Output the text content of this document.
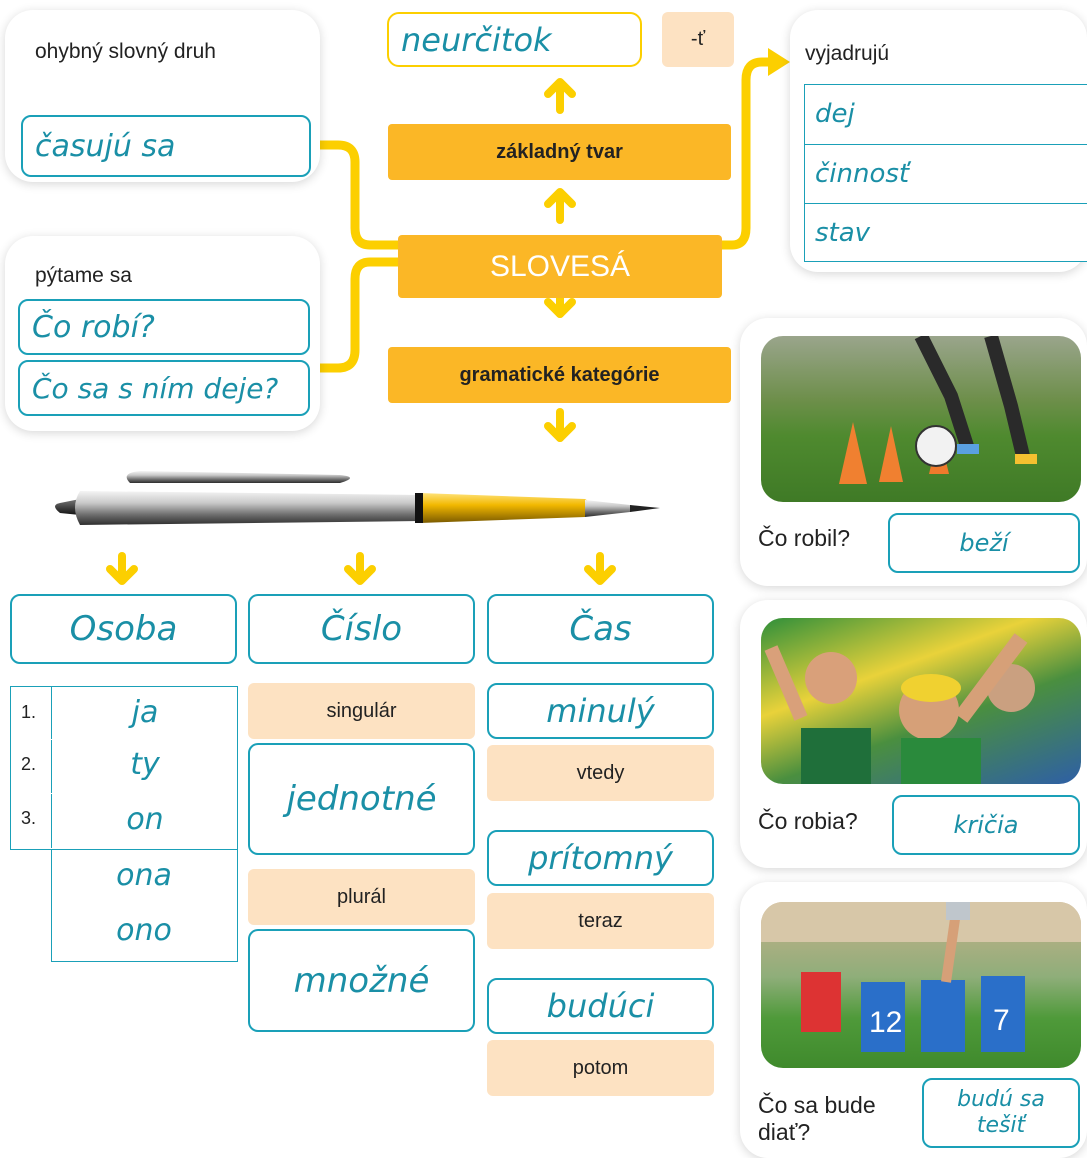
neurčitok	-ť
základný tvar
SLOVESÁ
gramatické kategórie
ohybný slovný druh
časujú sa
pýtame sa
Čo robí?
Čo sa s ním deje?
vyjadrujú
dej
činnosť
stav
Osoba
1.	ja
2.	ty
3.	on
ona
ono
Číslo
singulár
jednotné
plurál
množné
Čas
minulý
vtedy
prítomný
teraz
budúci
potom
Čo robil?	beží
Čo robia?	kričia
12	7
Čo sa bude diať?
budú sa tešiť
